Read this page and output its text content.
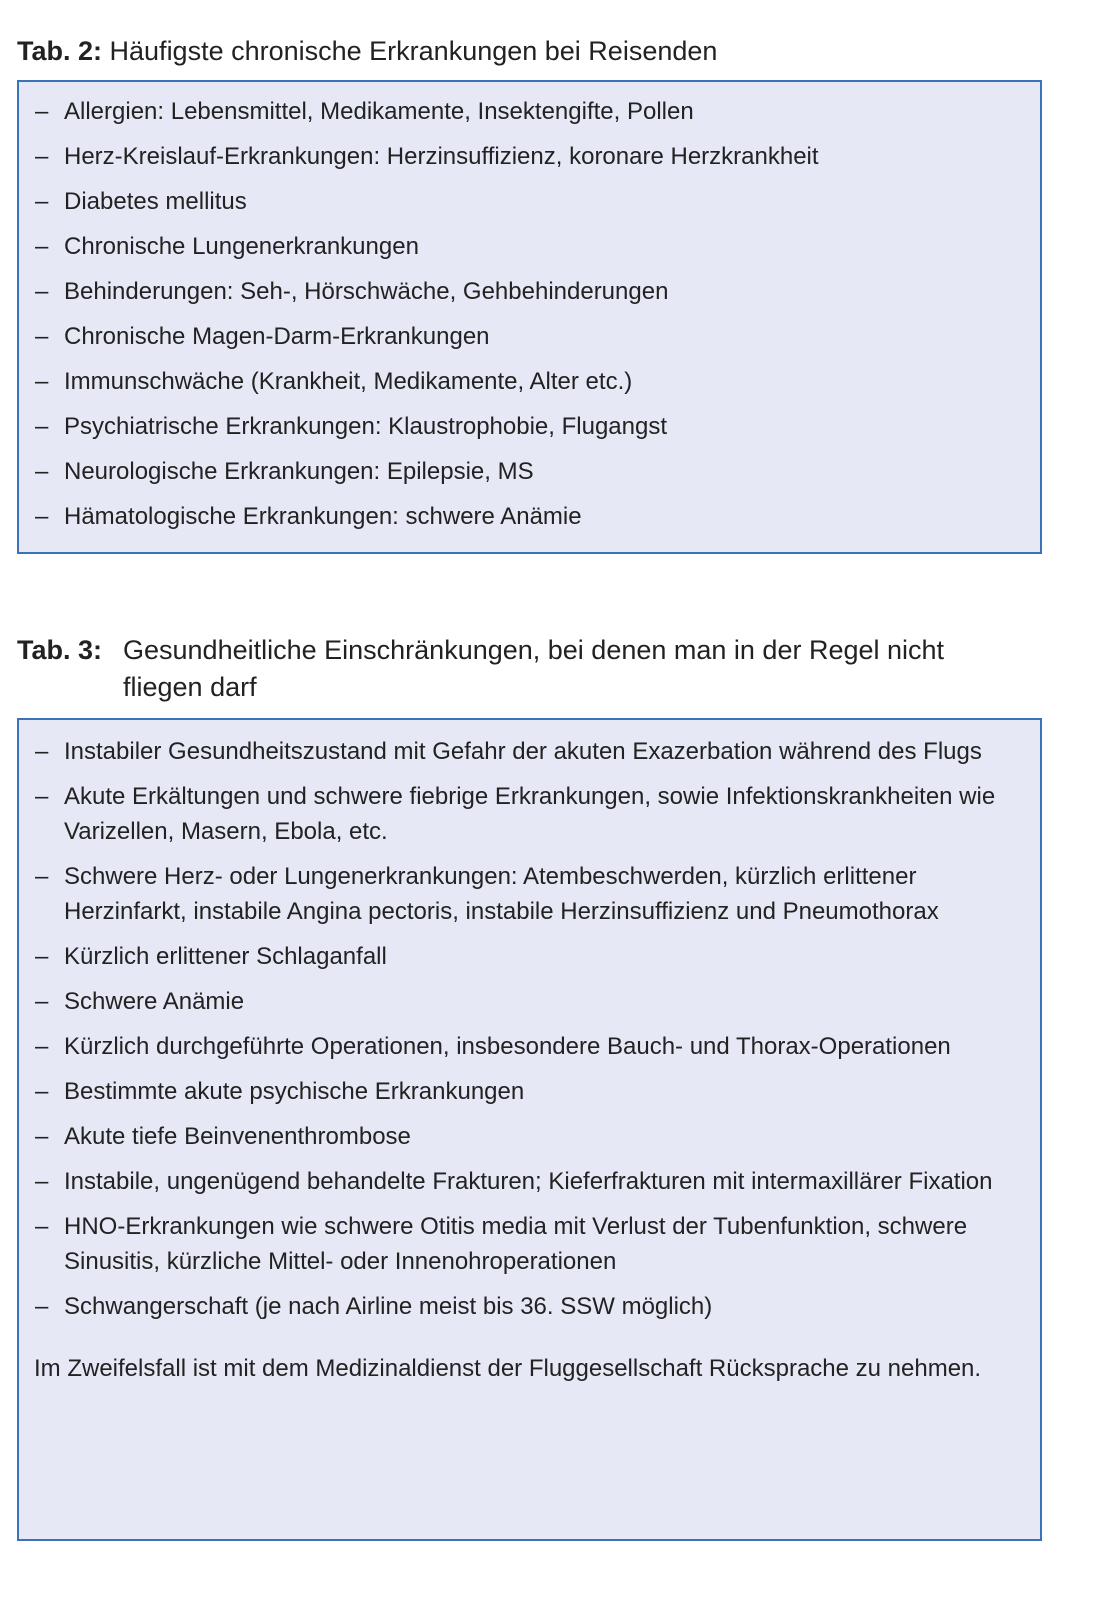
Tab. 2: Häufigste chronische Erkrankungen bei Reisenden
– Allergien: Lebensmittel, Medikamente, Insektengifte, Pollen
– Herz-Kreislauf-Erkrankungen: Herzinsuffizienz, koronare Herzkrankheit
– Diabetes mellitus
– Chronische Lungenerkrankungen
– Behinderungen: Seh-, Hörschwäche, Gehbehinderungen
– Chronische Magen-Darm-Erkrankungen
– Immunschwäche (Krankheit, Medikamente, Alter etc.)
– Psychiatrische Erkrankungen: Klaustrophobie, Flugangst
– Neurologische Erkrankungen: Epilepsie, MS
– Hämatologische Erkrankungen: schwere Anämie
Tab. 3: Gesundheitliche Einschränkungen, bei denen man in der Regel nicht fliegen darf
– Instabiler Gesundheitszustand mit Gefahr der akuten Exazerbation während des Flugs
– Akute Erkältungen und schwere fiebrige Erkrankungen, sowie Infektionskrankheiten wie Varizellen, Masern, Ebola, etc.
– Schwere Herz- oder Lungenerkrankungen: Atembeschwerden, kürzlich erlittener Herzinfarkt, instabile Angina pectoris, instabile Herzinsuffizienz und Pneumothorax
– Kürzlich erlittener Schlaganfall
– Schwere Anämie
– Kürzlich durchgeführte Operationen, insbesondere Bauch- und Thorax-Operationen
– Bestimmte akute psychische Erkrankungen
– Akute tiefe Beinvenenthrombose
– Instabile, ungenügend behandelte Frakturen; Kieferfrakturen mit intermaxillärer Fixation
– HNO-Erkrankungen wie schwere Otitis media mit Verlust der Tubenfunktion, schwere Sinusitis, kürzliche Mittel- oder Innenohroperationen
– Schwangerschaft (je nach Airline meist bis 36. SSW möglich)
Im Zweifelsfall ist mit dem Medizinaldienst der Fluggesellschaft Rücksprache zu nehmen.
